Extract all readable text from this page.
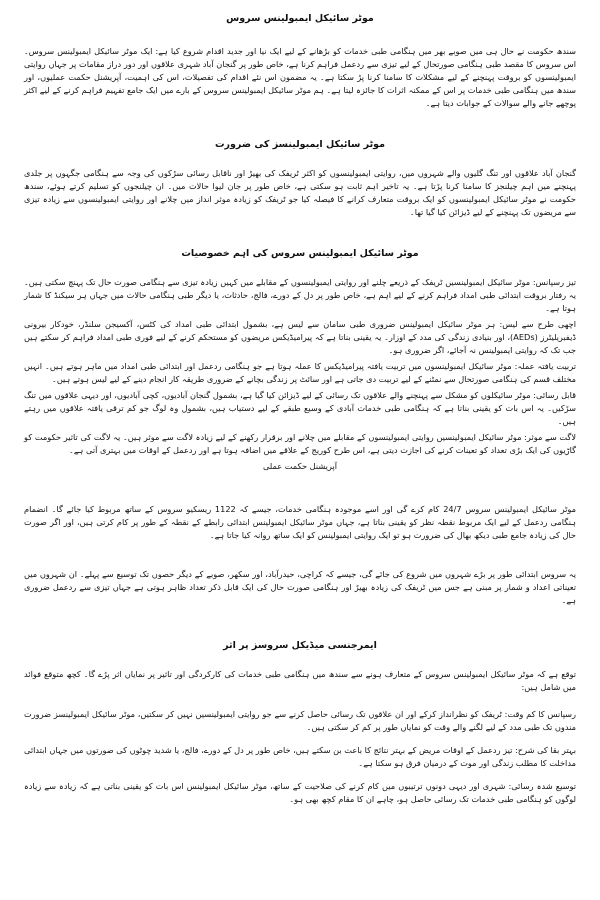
موٹر سائیکل ایمبولینس سروس

سندھ حکومت نے حال ہی میں صوبے بھر میں ہنگامی طبی خدمات کو بڑھانے کے لیے ایک نیا اور جدید اقدام شروع کیا ہے: ایک موٹر سائیکل ایمبولینس سروس۔ اس سروس کا مقصد طبی ہنگامی صورتحال کے لیے تیزی سے ردعمل فراہم کرنا ہے، خاص طور پر گنجان آباد شہری علاقوں اور دور دراز مقامات پر جہاں روایتی ایمبولینسوں کو بروقت پہنچنے کے لیے مشکلات کا سامنا کرنا پڑ سکتا ہے۔ یہ مضمون اس نئے اقدام کی تفصیلات، اس کی اہمیت، آپریشنل حکمت عملیوں، اور سندھ میں ہنگامی طبی خدمات پر اس کے ممکنہ اثرات کا جائزہ لیتا ہے۔ ہم موٹر سائیکل ایمبولینس سروس کے بارے میں ایک جامع تفہیم فراہم کرنے کے لیے اکثر پوچھے جانے والے سوالات کے جوابات دیتا ہے۔

موٹر سائیکل ایمبولینسز کی ضرورت

گنجان آباد علاقوں اور تنگ گلیوں والے شہروں میں، روایتی ایمبولینسوں کو اکثر ٹریفک کی بھیڑ اور ناقابل رسائی سڑکوں کی وجہ سے ہنگامی جگہوں پر جلدی پہنچنے میں اہم چیلنجز کا سامنا کرنا پڑتا ہے۔ یہ تاخیر اہم ثابت ہو سکتی ہے، خاص طور پر جان لیوا حالات میں۔ ان چیلنجوں کو تسلیم کرتے ہوئے، سندھ حکومت نے موٹر سائیکل ایمبولینسوں کو ایک بروقت متعارف کرانے کا فیصلہ کیا جو ٹریفک کو زیادہ موثر انداز میں چلانے اور روایتی ایمبولینسوں سے زیادہ تیزی سے مریضوں تک پہنچنے کے لیے ڈیزائن کیا گیا تھا۔

موٹر سائیکل ایمبولینس سروس کی اہم خصوصیات

تیز رسپانس: موٹر سائیکل ایمبولینسیں ٹریفک کے ذریعے چلنے اور روایتی ایمبولینسوں کے مقابلے میں کہیں زیادہ تیزی سے ہنگامی صورت حال تک پہنچ سکتی ہیں۔ یہ رفتار بروقت ابتدائی طبی امداد فراہم کرنے کے لیے اہم ہے، خاص طور پر دل کے دورے، فالج، حادثات، یا دیگر طبی ہنگامی حالات میں جہاں ہر سیکنڈ کا شمار ہوتا ہے۔

اچھی طرح سے لیس: ہر موٹر سائیکل ایمبولینس ضروری طبی سامان سے لیس ہے، بشمول ابتدائی طبی امداد کی کٹس، آکسیجن سلنڈر، خودکار بیرونی ڈیفبریلیٹرز (AEDs)، اور بنیادی زندگی کی مدد کے اوزار۔ یہ یقینی بناتا ہے کہ پیرامیڈیکس مریضوں کو مستحکم کرنے کے لیے فوری طبی امداد فراہم کر سکتے ہیں جب تک کہ روایتی ایمبولینس نہ آجائے، اگر ضروری ہو۔

تربیت یافتہ عملہ: موٹر سائیکل ایمبولینسوں میں تربیت یافتہ پیرامیڈیکس کا عملہ ہوتا ہے جو ہنگامی ردعمل اور ابتدائی طبی امداد میں ماہر ہوتے ہیں۔ انہیں مختلف قسم کی ہنگامی صورتحال سے نمٹنے کے لیے تربیت دی جاتی ہے اور سائٹ پر زندگی بچانے کے ضروری طریقہ کار انجام دینے کے لیے لیس ہوتے ہیں۔

قابل رسائی: موٹر سائیکلوں کو مشکل سے پہنچنے والے علاقوں تک رسائی کے لیے ڈیزائن کیا گیا ہے، بشمول گنجان آبادیوں، کچی آبادیوں، اور دیہی علاقوں میں تنگ سڑکیں۔ یہ اس بات کو یقینی بناتا ہے کہ ہنگامی طبی خدمات آبادی کے وسیع طبقے کے لیے دستیاب ہیں، بشمول وہ لوگ جو کم ترقی یافتہ علاقوں میں رہتے ہیں۔

لاگت سے موثر: موٹر سائیکل ایمبولینسیں روایتی ایمبولینسوں کے مقابلے میں چلانے اور برقرار رکھنے کے لیے زیادہ لاگت سے موثر ہیں۔ یہ لاگت کی تاثیر حکومت کو گاڑیوں کی ایک بڑی تعداد کو تعینات کرنے کی اجازت دیتی ہے، اس طرح کوریج کے علاقے میں اضافہ ہوتا ہے اور ردعمل کے اوقات میں بہتری آتی ہے۔

آپریشنل حکمت عملی

موٹر سائیکل ایمبولینس سروس 24/7 کام کرے گی اور اسے موجودہ ہنگامی خدمات، جیسے کہ 1122 ریسکیو سروس کے ساتھ مربوط کیا جائے گا۔ انضمام ہنگامی ردعمل کے لیے ایک مربوط نقطہ نظر کو یقینی بناتا ہے، جہاں موٹر سائیکل ایمبولینس ابتدائی رابطے کے نقطہ کے طور پر کام کرتی ہیں، اور اگر صورت حال کی زیادہ جامع طبی دیکھ بھال کی ضرورت ہو تو ایک روایتی ایمبولینس کو ایک ساتھ روانہ کیا جاتا ہے۔

یہ سروس ابتدائی طور پر بڑے شہروں میں شروع کی جائے گی، جیسے کہ کراچی، حیدرآباد، اور سکھر، صوبے کے دیگر حصوں تک توسیع سے پہلے۔ ان شہروں میں تعیناتی اعداد و شمار پر مبنی ہے جس میں ٹریفک کی زیادہ بھیڑ اور ہنگامی صورت حال کی ایک قابل ذکر تعداد ظاہر ہوتی ہے جہاں تیزی سے ردعمل ضروری ہے۔

ایمرجنسی میڈیکل سروسز پر اثر

توقع ہے کہ موٹر سائیکل ایمبولینس سروس کے متعارف ہونے سے سندھ میں ہنگامی طبی خدمات کی کارکردگی اور تاثیر پر نمایاں اثر پڑے گا۔ کچھ متوقع فوائد میں شامل ہیں:

رسپانس کا کم وقت: ٹریفک کو نظرانداز کرکے اور ان علاقوں تک رسائی حاصل کرنے سے جو روایتی ایمبولینسیں نہیں کر سکتیں، موٹر سائیکل ایمبولینسز ضرورت مندوں تک طبی مدد کے لیے لگنے والے وقت کو نمایاں طور پر کم کر سکتی ہیں۔

بہتر بقا کی شرح: تیز ردعمل کے اوقات مریض کے بہتر نتائج کا باعث بن سکتے ہیں، خاص طور پر دل کے دورے، فالج، یا شدید چوٹوں کی صورتوں میں جہاں ابتدائی مداخلت کا مطلب زندگی اور موت کے درمیان فرق ہو سکتا ہے۔

توسیع شدہ رسائی: شہری اور دیہی دونوں ترتیبوں میں کام کرنے کی صلاحیت کے ساتھ، موٹر سائیکل ایمبولینس اس بات کو یقینی بناتی ہے کہ زیادہ سے زیادہ لوگوں کو ہنگامی طبی خدمات تک رسائی حاصل ہو، چاہے ان کا مقام کچھ بھی ہو۔
